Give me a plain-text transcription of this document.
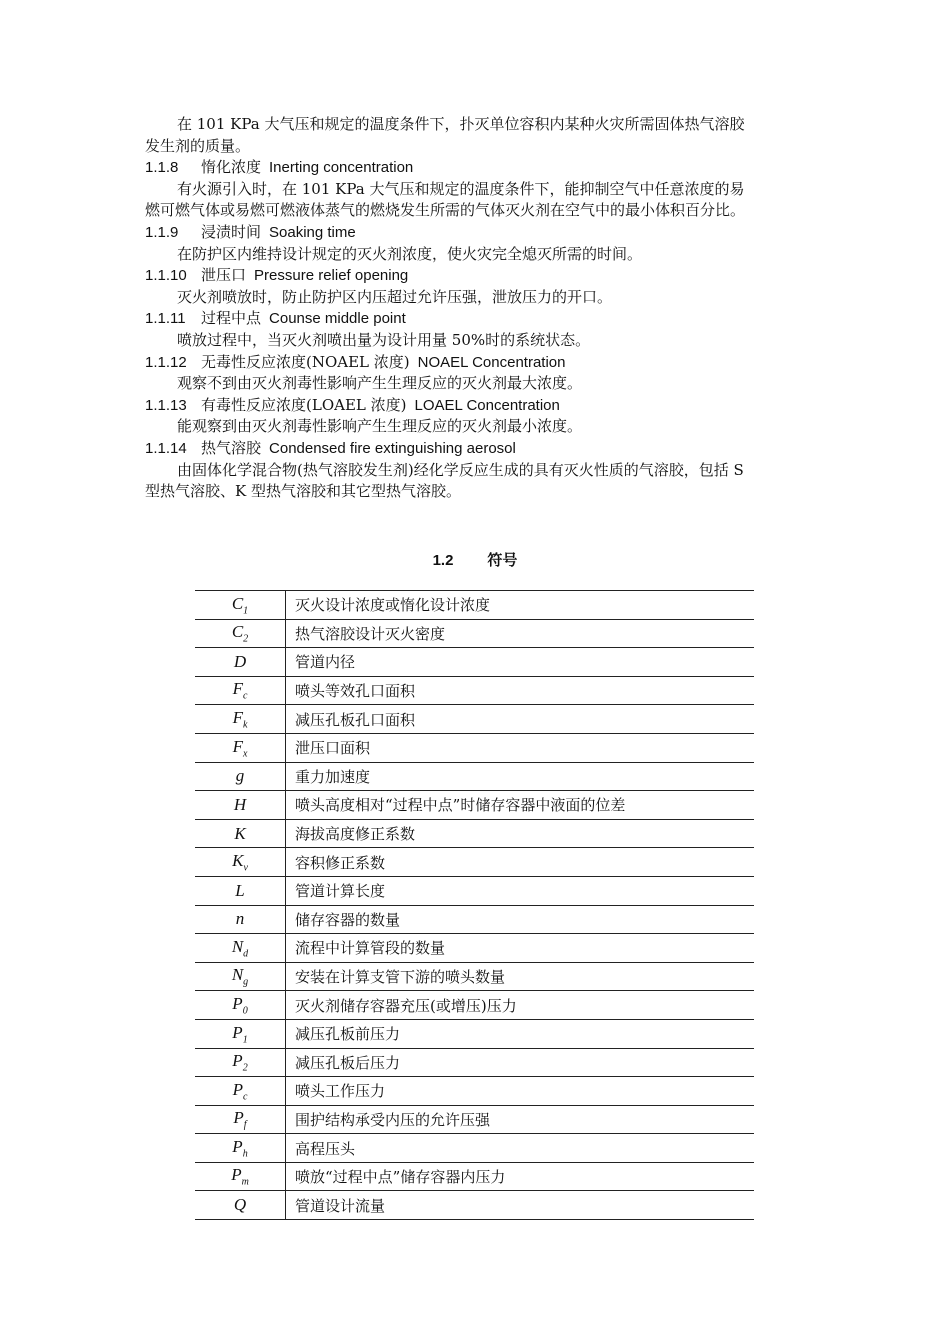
在 101 KPa 大气压和规定的温度条件下，扑灭单位容积内某种火灾所需固体热气溶胶
发生剂的质量。
1.1.8 惰化浓度 Inerting concentration
有火源引入时，在 101 KPa 大气压和规定的温度条件下，能抑制空气中任意浓度的易
燃可燃气体或易燃可燃液体蒸气的燃烧发生所需的气体灭火剂在空气中的最小体积百分比。
1.1.9 浸渍时间 Soaking time
在防护区内维持设计规定的灭火剂浓度，使火灾完全熄灭所需的时间。
1.1.10 泄压口 Pressure relief opening
灭火剂喷放时，防止防护区内压超过允许压强，泄放压力的开口。
1.1.11 过程中点 Counse middle point
喷放过程中，当灭火剂喷出量为设计用量 50%时的系统状态。
1.1.12 无毒性反应浓度(NOAEL 浓度) NOAEL Concentration
观察不到由灭火剂毒性影响产生生理反应的灭火剂最大浓度。
1.1.13 有毒性反应浓度(LOAEL 浓度) LOAEL Concentration
能观察到由灭火剂毒性影响产生生理反应的灭火剂最小浓度。
1.1.14 热气溶胶 Condensed fire extinguishing aerosol
由固体化学混合物(热气溶胶发生剂)经化学反应生成的具有灭火性质的气溶胶，包括 S
型热气溶胶、K 型热气溶胶和其它型热气溶胶。
1.2 符号
$C_1$	灭火设计浓度或惰化设计浓度
$C_2$	热气溶胶设计灭火密度
D	管道内径
$F_c$	喷头等效孔口面积
$F_k$	减压孔板孔口面积
$F_x$	泄压口面积
g	重力加速度
H	喷头高度相对“过程中点”时储存容器中液面的位差
K	海拔高度修正系数
$K_v$	容积修正系数
L	管道计算长度
n	储存容器的数量
$N_d$	流程中计算管段的数量
$N_g$	安装在计算支管下游的喷头数量
$P_0$	灭火剂储存容器充压(或增压)压力
$P_1$	减压孔板前压力
$P_2$	减压孔板后压力
$P_c$	喷头工作压力
$P_f$	围护结构承受内压的允许压强
$P_h$	高程压头
$P_m$	喷放“过程中点”储存容器内压力
Q	管道设计流量
